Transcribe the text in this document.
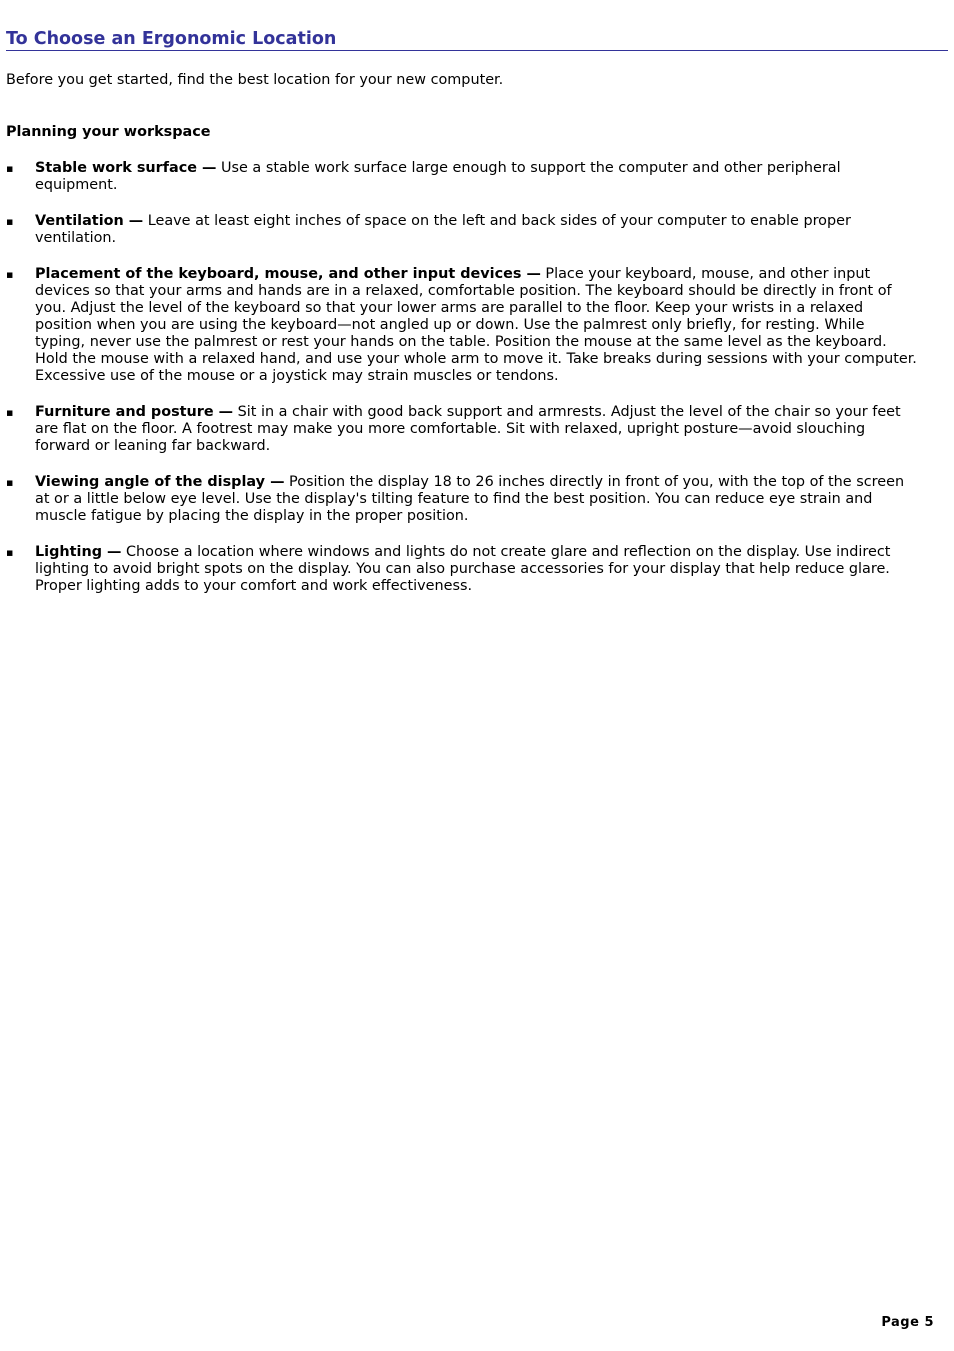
To Choose an Ergonomic Location

Before you get started, find the best location for your new computer.

Planning your workspace

▪ Stable work surface — Use a stable work surface large enough to support the computer and other peripheral equipment.
▪ Ventilation — Leave at least eight inches of space on the left and back sides of your computer to enable proper ventilation.
▪ Placement of the keyboard, mouse, and other input devices — Place your keyboard, mouse, and other input devices so that your arms and hands are in a relaxed, comfortable position. The keyboard should be directly in front of you. Adjust the level of the keyboard so that your lower arms are parallel to the floor. Keep your wrists in a relaxed position when you are using the keyboard—not angled up or down. Use the palmrest only briefly, for resting. While typing, never use the palmrest or rest your hands on the table. Position the mouse at the same level as the keyboard. Hold the mouse with a relaxed hand, and use your whole arm to move it. Take breaks during sessions with your computer. Excessive use of the mouse or a joystick may strain muscles or tendons.
▪ Furniture and posture — Sit in a chair with good back support and armrests. Adjust the level of the chair so your feet are flat on the floor. A footrest may make you more comfortable. Sit with relaxed, upright posture—avoid slouching forward or leaning far backward.
▪ Viewing angle of the display — Position the display 18 to 26 inches directly in front of you, with the top of the screen at or a little below eye level. Use the display's tilting feature to find the best position. You can reduce eye strain and muscle fatigue by placing the display in the proper position.
▪ Lighting — Choose a location where windows and lights do not create glare and reflection on the display. Use indirect lighting to avoid bright spots on the display. You can also purchase accessories for your display that help reduce glare. Proper lighting adds to your comfort and work effectiveness.

Page 5
